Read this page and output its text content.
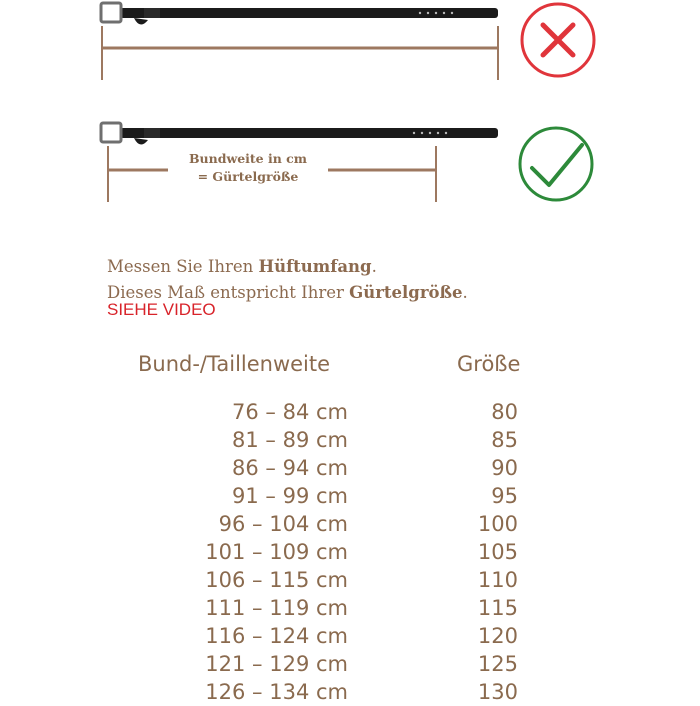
Bundweite in cm
= Gürtelgröße
Messen Sie Ihren Hüftumfang.
Dieses Maß entspricht Ihrer Gürtelgröße.
SIEHE VIDEO
Bund-/Taillenweite	Größe
76 – 84 cm	80
81 – 89 cm	85
86 – 94 cm	90
91 – 99 cm	95
96 – 104 cm	100
101 – 109 cm	105
106 – 115 cm	110
111 – 119 cm	115
116 – 124 cm	120
121 – 129 cm	125
126 – 134 cm	130
